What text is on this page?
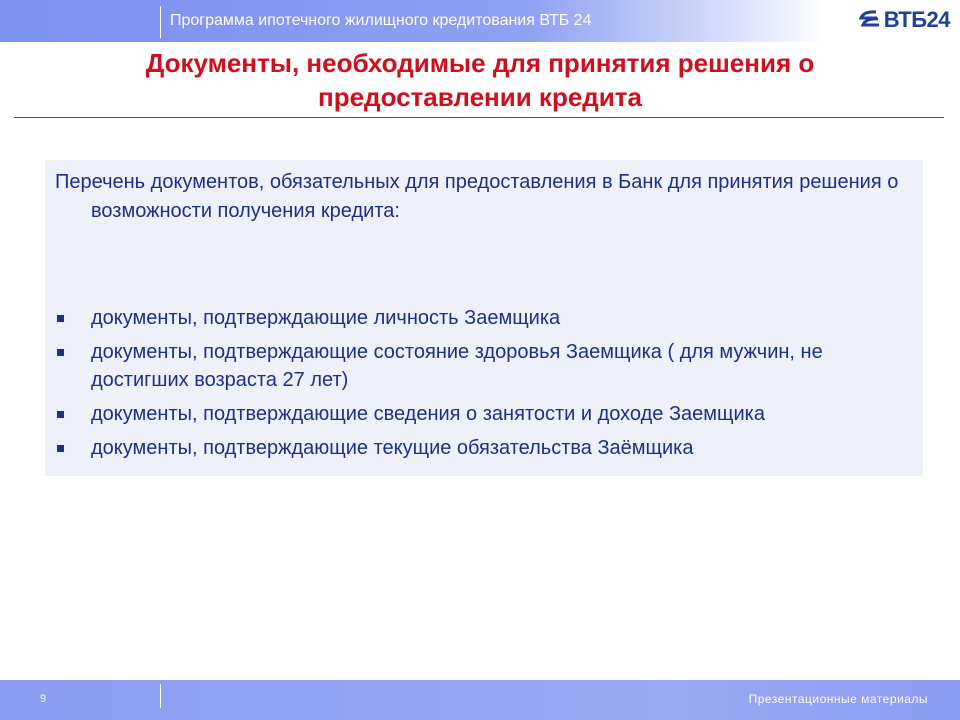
Программа ипотечного жилищного кредитования ВТБ 24	ВТБ24
Документы, необходимые для принятия решения о предоставлении кредита
Перечень документов, обязательных для предоставления в Банк для принятия решения о возможности получения кредита:
документы, подтверждающие личность Заемщика
документы, подтверждающие состояние здоровья Заемщика ( для мужчин, не достигших возраста 27 лет)
документы, подтверждающие сведения о занятости и доходе Заемщика
документы, подтверждающие текущие обязательства Заёмщика
9	Презентационные материалы
